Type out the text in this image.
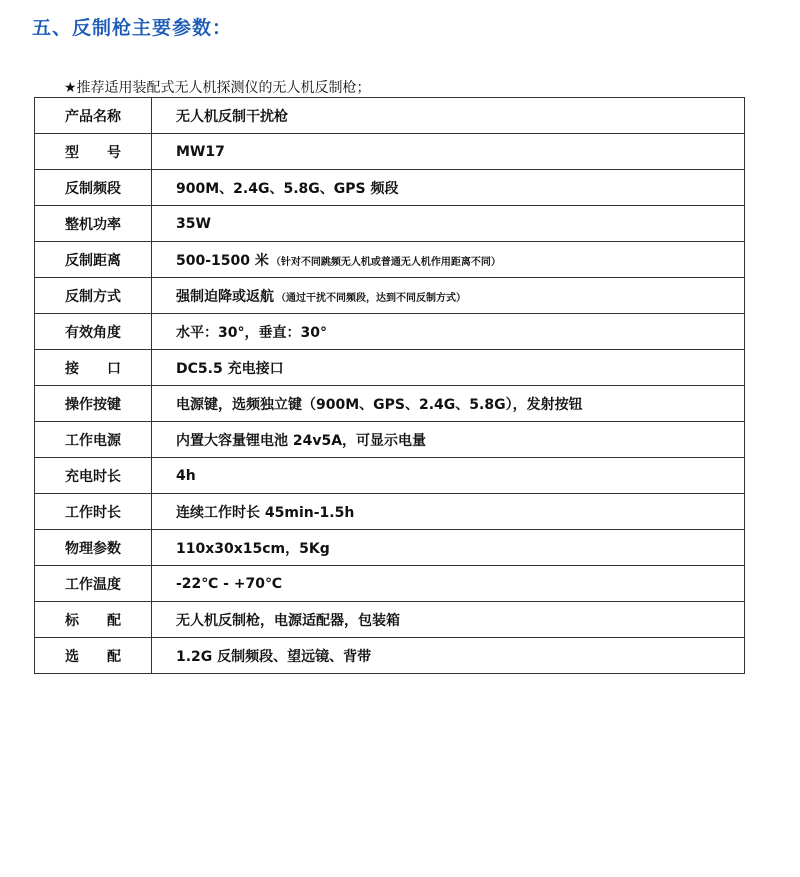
五、反制枪主要参数：
★推荐适用装配式无人机探测仪的无人机反制枪；
产品名称	无人机反制干扰枪
型　　号	MW17
反制频段	900M、2.4G、5.8G、GPS 频段
整机功率	35W
反制距离	500-1500 米 （针对不同跳频无人机或普通无人机作用距离不同）
反制方式	强制迫降或返航 （通过干扰不同频段，达到不同反制方式）
有效角度	水平：30°，垂直：30°
接　　口	DC5.5 充电接口
操作按键	电源键，选频独立键（900M、GPS、2.4G、5.8G），发射按钮
工作电源	内置大容量锂电池 24v5A，可显示电量
充电时长	4h
工作时长	连续工作时长 45min-1.5h
物理参数	110x30x15cm，5Kg
工作温度	-22℃ - +70℃
标　　配	无人机反制枪，电源适配器，包装箱
选　　配	1.2G 反制频段、望远镜、背带
